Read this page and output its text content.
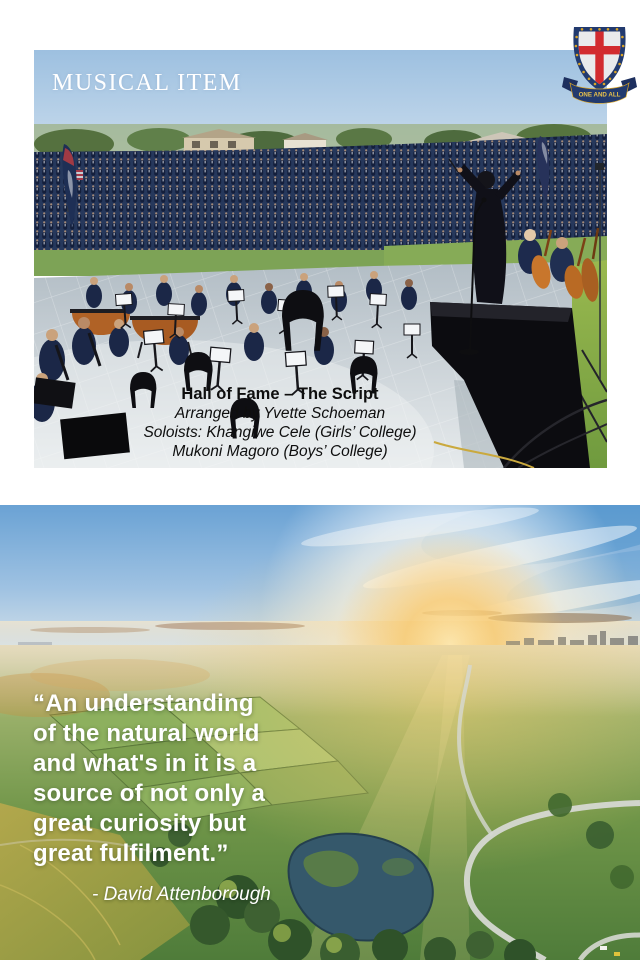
MUSICAL ITEM
Hall of Fame – The Script
Arranged by Yvette Schoeman
Soloists: Khangiwe Cele (Girls’ College)
Mukoni Magoro (Boys’ College)
ONE AND ALL
“An understanding
of the natural world
and what's in it is a
source of not only a
great curiosity but
great fulfilment.”
- David Attenborough
